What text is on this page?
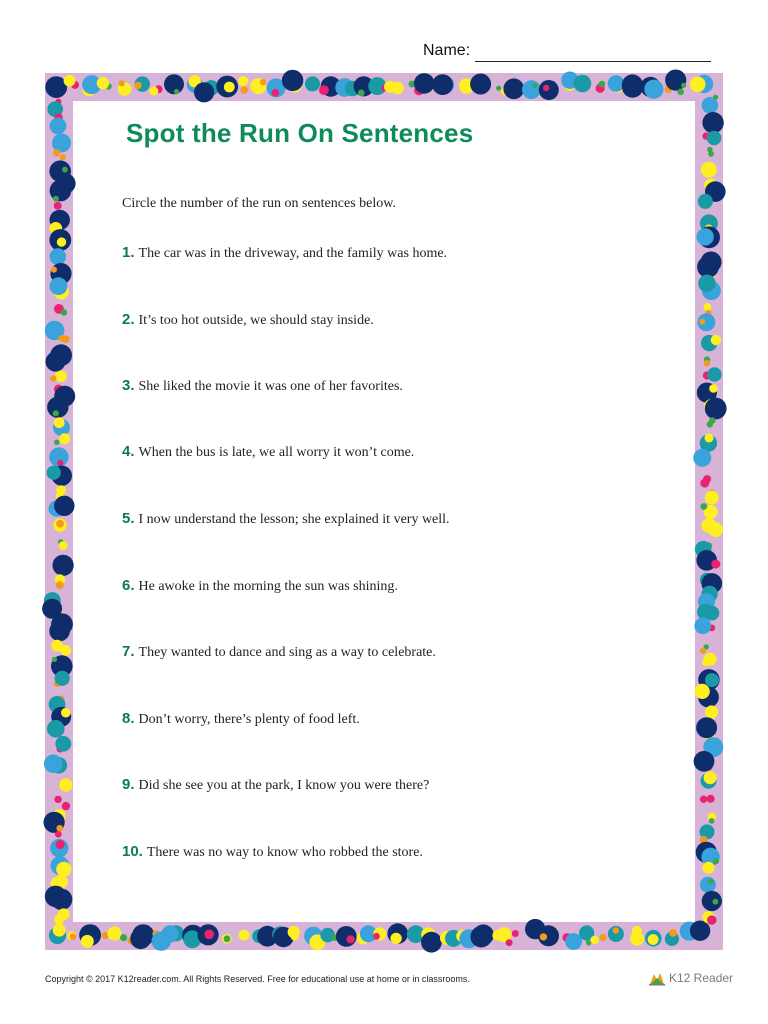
Name:
Spot the Run On Sentences
Circle the number of the run on sentences below.
1. The car was in the driveway, and the family was home.
2. It’s too hot outside, we should stay inside.
3. She liked the movie it was one of her favorites.
4. When the bus is late, we all worry it won’t come.
5. I now understand the lesson; she explained it very well.
6. He awoke in the morning the sun was shining.
7. They wanted to dance and sing as a way to celebrate.
8. Don’t worry, there’s plenty of food left.
9. Did she see you at the park, I know you were there?
10. There was no way to know who robbed the store.
Copyright © 2017 K12reader.com. All Rights Reserved. Free for educational use at home or in classrooms.	K12 Reader
